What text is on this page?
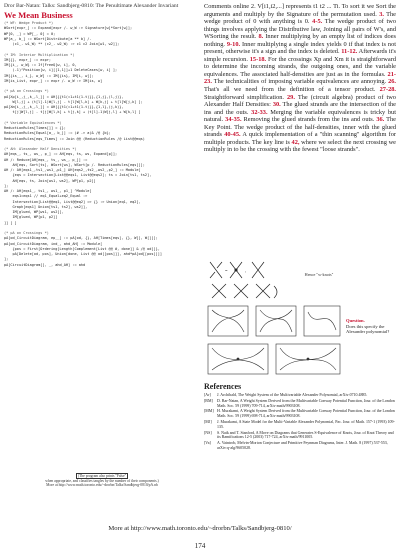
Dror Bar-Natan: Talks: Sandbjerg-0810: The Penultimate Alexander Invariant
We Mean Business
(* WF: Wedge Product *)
WSort[expr_] := Expand[expr /. w_W :> Signature[w]*Sort[w]];
WP[0, _] = WP[_, 0] = 0;
WP[a_, b_] := WSort[Distribute[a ** b] /.
(c1_. w1_W) ** (c2_. w2_W) :> c1 c2 Join[w1, w2]];

(* IM: Interior Multiplication *)
IM[{}, expr_] := expr;
IM[{i_, w_W} := If[FreeQ[w, i], 0,
(-1)^Position[w, i][[1,1]]+1 DeleteCases[w, i] ];
IM[{is__, i_}, w_W] := IM[{is}, IM[i, w]];
IM[is_List, expr_] := expr /. w_W :> IM[is, w]

(* pA on Crossings *)
pA[Xp[i_,j_,k_,l_]] = AH[{{t1(=1+t1(1-t)}},{1,j},(l,j)},
W[l,j] + (t[l]-1)W[l,j] - t[l]W[l,k] + W[k,j] + t[l]W[j,k] ];
pA[Xm[i_,j_,k_,l_]] = AH[{{t1(=1+t1(1-t)}},{1,l},(j,k)},
t[j]W[l,j] - t[j]W[l,k] + t[j,k] + (t[l]-1)W[j,l] + W[k,l] ]

(* Variable Equivalences *)
ReductionRules[Times[]] = {};
ReductionRules[Equal[a_, b_]] := (# -> a)& /@ {b};
ReductionRules[eqs_Times] := Join @@ (ReductionRules /@ List@@eqs)

(* AH: Alexander Half Densities *)
AH[eqs_, ts_, ws_, p_] := AH[eqs, ts, ws, Expand[p]];
AH /: Reduce[AH[eqs_, ts_, ws_, p_]] :=
AH[eqs, Sort[ts], WSort[ws], WSort[p /. ReductionRules[eqs]]];
AH /: AH[eqs1_,ts1_,ws1_,p1_] AH[eqs2_,ts2_,ws2_,p2_] := Module[
{eqs = Intersection[List@@eqs1, List@@eqs2]; ts = Join[ts1, ts2],
AH[eqs, ts, Join[ws1, ws2], WP[p1, p2]]
];
AH /: AH[eqs1_, ts1_, ws1_, p1_] ^Module[
eqs1=eqs1 // eq1_Equal+eq2_Equal :>
Intersection[List@@eq1, List@@eq2] => {} :> Union[eq1, eq2],
Graph[eqs1] Union[ts1, ts2], ws2]],
IM[glued, WP[ws1, ws2]],
IM[glued, WP[p1, p2]]
]] ] ]

(* pA on Crossings *)
pA[od_CircuitDiagram, ep__] := pA[od, {}, AH[Times[eqs], {}, W[], W[]]];
pA[od_CircuitDiagram, ind_, ahd_AH] := Module[
{pos = First[Ordering[Length[Complement[List @@ #, done]] & /@ od]]},
pA[Delete[od, pos], Union[done, List @@ od[[pos]]], ahd*pA[od[[pos]]]]
];
pA[CircuitDiagram[], _, ahd_AH] := ahd
(The program also prints "False"
when appropriate, and classifies tangles by the number of their components.)
More at http://www.math.toronto.edu/~drorbn/Talks/Sandbjerg-0810/pA.nb
Comments online 2. V[i1,i2,...] represents t1 t2 ... Ti. To sort it we Sort the arguments and multiply by the Signature of the permutation used. 3. The wedge product of 0 with anything is 0. 4-5. The wedge product of two things involves applying the Distributive law, Joining all pairs of W's, and WSorting the result. 8. Inner multiplying by an empty list of indices does nothing. 9-10. Inner multiplying a single index yields 0 if that index is not present, otherwise it's a sign and the index is deleted. 11-12. Afterwards it's simple recursion. 15-18. For the crossings Xp and Xm it is straightforward to determine the incoming strands, the outgoing ones, and the variable equivalences. The associated half-densities are just as in the formulas. 21-23. The technicalities of imposing variable equivalences are annoying. 26. That's all we need from the definition of a tensor product. 27-28. Straightforward simplification. 29. The (circuit algebra) product of two Alexander Half Densities: 30. The glued strands are the intersection of the ins and the outs. 32-33. Merging the variable equivalences is tricky but natural. 34-35. Removing the glued strands from the ins and outs. 36. The Key Point. The wedge product of the half-densities, inner with the glued strands 40-45. A quick implementation of a "thin scanning" algorithm for multiple products. The key line is 42, where we select the next crossing we multiply in to be the crossing with the fewest "loose strands".
=	,
Hence "w-knots"
Question.
Does this specify the Alexander polynomial?
References
[Ar]	J. Archibald, The Weight System of the Multivariable Alexander Polynomial, arXiv:0710.4885.
[BM]	D. Bar-Natan, A Weight System Derived from the Multivariable Conway Potential Function, Jour. of the London Math. Soc. 59 (1999) 709-714, arXiv:math/9903108.
[MM] H. Murakami, A Weight System Derived from the Multivariable Conway Potential Function, Jour. of the London Math. Soc. 59 (1999) 698-714, arXiv:math/9903108.
[MJ]	J. Murakami, A State Model for the Multi-Variable Alexander Polynomial, Pac. Jour. of Math. 157-1 (1993) 109-135.
[NS]	S. Naik and T. Stanford, A Move on Diagrams that Generates S-Equivalence of Knots, Jour. of Knot Theory and its Ramifications 12-5 (2003) 717-724, arXiv:math/9911005.
[Va]	A. Vaintrob, Melvin-Morton Conjecture and Primitive Feynman Diagrams, Inter. J. Math. 8 (1997) 537-553, arXiv:q-alg/9605028.
More at http://www.math.toronto.edu/~drorbn/Talks/Sandbjerg-0810/
174
